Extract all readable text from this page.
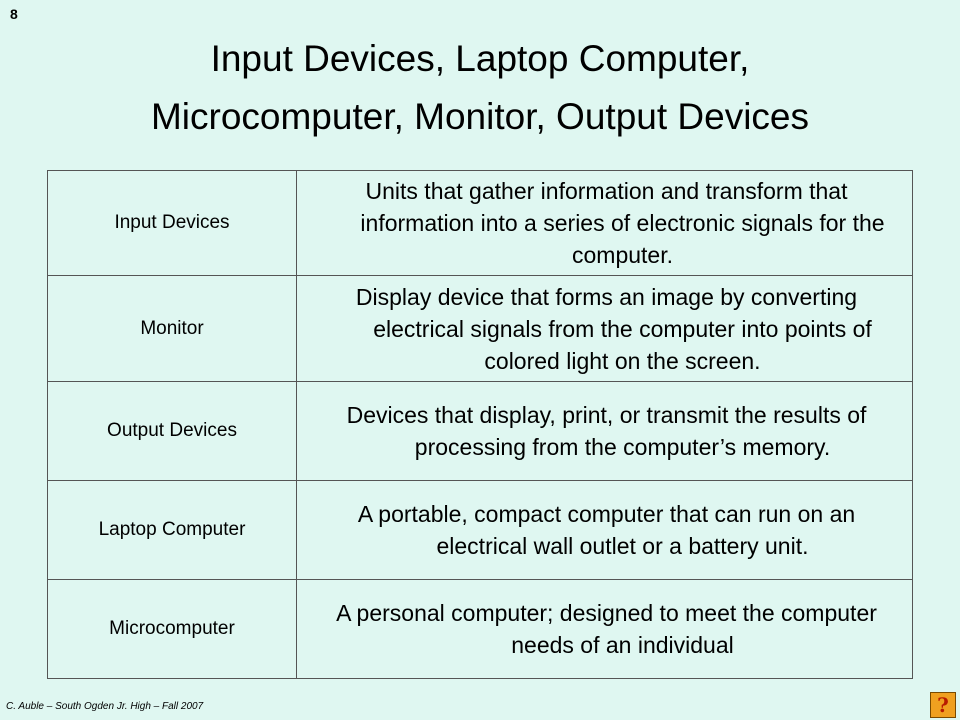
8
Input Devices, Laptop Computer,
Microcomputer, Monitor, Output Devices
Input Devices	Units that gather information and transform that information into a series of electronic signals for the computer.

Monitor	Display device that forms an image by converting electrical signals from the computer into points of colored light on the screen.

Output Devices	Devices that display, print, or transmit the results of processing from the computer’s memory.

Laptop Computer	A portable, compact computer that can run on an electrical wall outlet or a battery unit.

Microcomputer	A personal computer; designed to meet the computer needs of an individual
C. Auble – South Ogden Jr. High – Fall 2007	?
